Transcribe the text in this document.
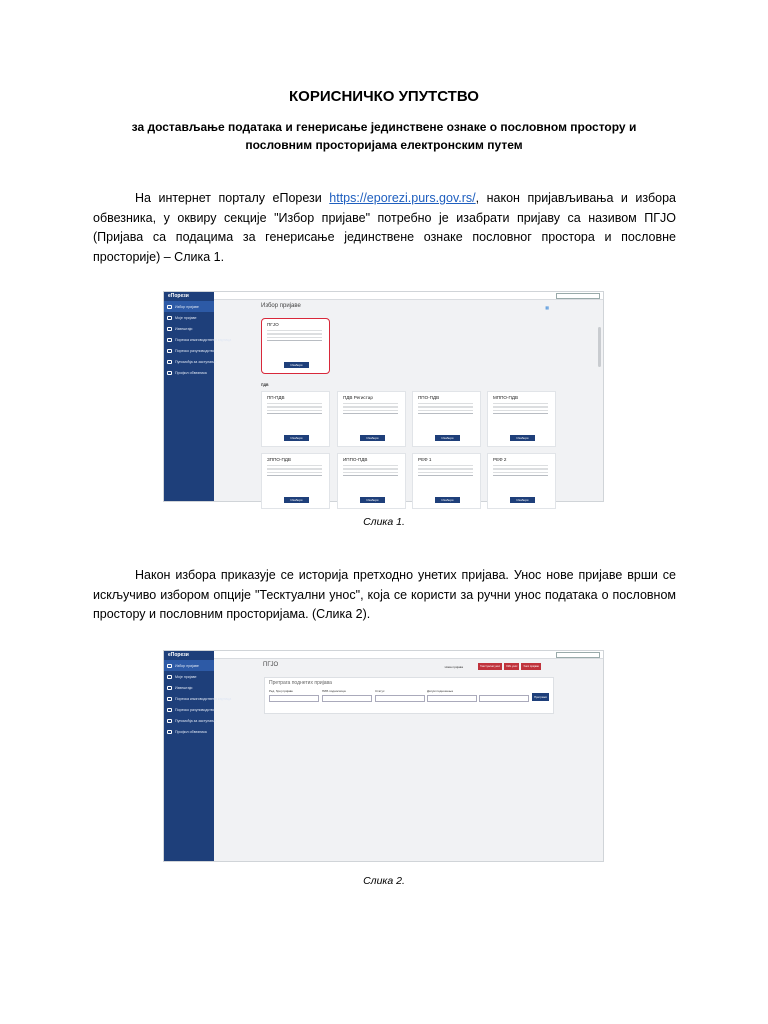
КОРИСНИЧКО УПУТСТВО
за достављање података и генерисање јединствене ознаке о пословном простору и
пословним просторијама електронским путем
На интернет порталу еПорези https://eporezi.purs.gov.rs/, након пријављивања и избора обвезника, у оквиру секције "Избор пријаве" потребно је изабрати пријаву са називом ПГЈО (Пријава са подацима за генерисање јединствене ознаке пословног простора и пословне просторије) – Слика 1.
еПорези
Избор пријаве
Моје пријаве
Извештаји
Пореска књиговодствена картица
Пореско рачуноводство
Пуномоћја за заступање
Профил обвезника
Избор пријаве	▦
ПГЈО
Изабери
ПДВ
ПП-ПДВ
Изабери
ПДВ Регистар
Изабери
ППО-ПДВ
Изабери
МППО-ПДВ
Изабери
ЗППО-ПДВ
Изабери
ИППО-ПДВ
Изабери
РЕФ 1
Изабери
РЕФ 2
Изабери
Слика 1.
Након избора приказује се историја претходно унетих пријава. Унос нове пријаве врши се искључиво избором опције "Тесктуални унос", која се користи за ручни унос података о пословном простору и пословним просторијама. (Слика 2).
еПорези
Избор пријаве
Моје пријаве
Извештаји
Пореска књиговодствена картица
Пореско рачуноводство
Пуномоћја за заступање
Профил обвезника
ПГЈО	Нова пријава	Текстуални унос	XML унос	Унос пријаве
Претрага поднетих пријава
Ред. број пријаве	ПИБ подносиоца	Статус	Датум подношења
Претражи
Слика 2.
